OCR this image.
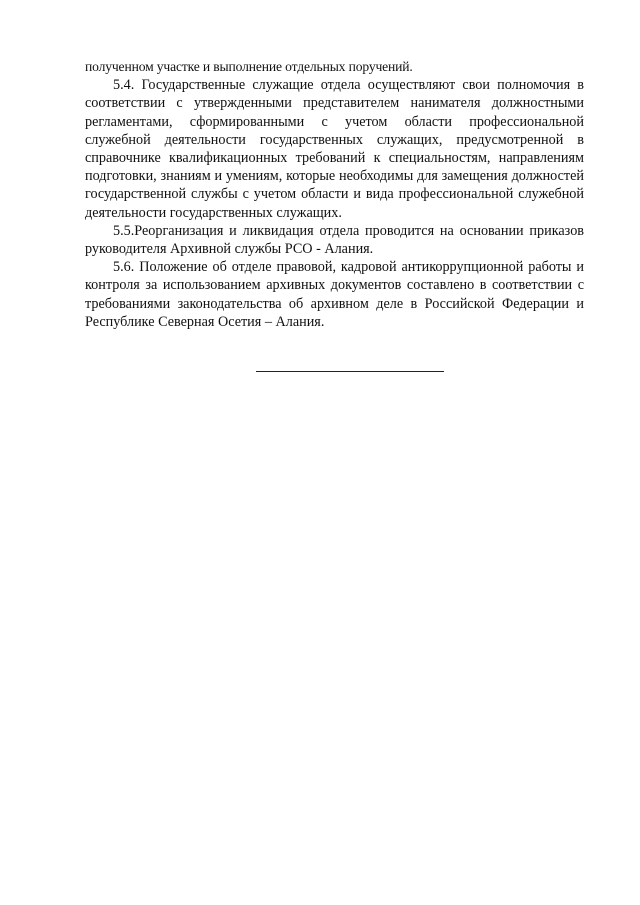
полученном участке и выполнение отдельных поручений.

5.4. Государственные служащие отдела осуществляют свои полномочия в соответствии с утвержденными представителем нанимателя должностными регламентами, сформированными с учетом области профессиональной служебной деятельности государственных служащих, предусмотренной в справочнике квалификационных требований к специальностям, направлениям подготовки, знаниям и умениям, которые необходимы для замещения должностей государственной службы с учетом области и вида профессиональной служебной деятельности государственных служащих.

5.5.Реорганизация и ликвидация отдела проводится на основании приказов руководителя Архивной службы РСО - Алания.

5.6. Положение об отделе правовой, кадровой антикоррупционной работы и контроля за использованием архивных документов составлено в соответствии с требованиями законодательства об архивном деле в Российской Федерации и Республике Северная Осетия – Алания.
